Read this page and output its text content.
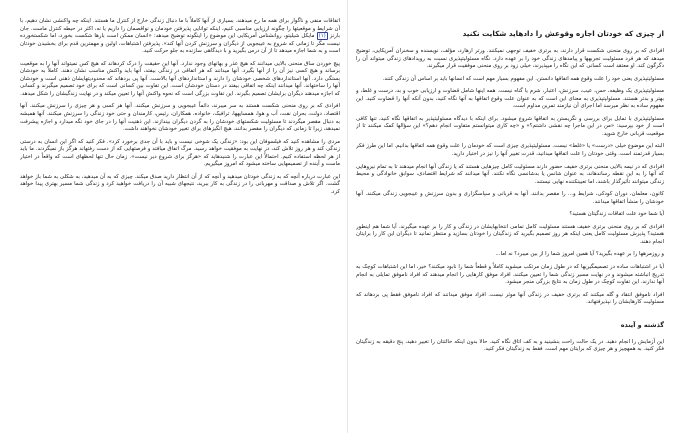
اتفاقات منفی و ناگوار برای همه ما رخ میدهند. بسیاری از آنها کاملاً با ما دنبال زندگی خارج از کنترل ما هستند. اینکه چه واکنشی نشان دهیم، با آن شرایط و موقعیتها را چگونه ارزیابی مناسبی کنیم، اینکه توانایی پذیرفتن خودمان و نواقصمان را داریم یا نه، اکثر در حیطه کنترل ماست. جان بارنز (۱) مایکل شیلیتو، روانشناس آمریکایی این موضوع را اینگونه توضیح میدهد: «انسان ممکن است بارها شکست بخورد، اما شکستخورده نیست مگر تا زمانی که شروع به عیبجویی از دیگران و سرزنش کردن آنها کند». پذیرفتن اشتباهات، اولین و مهمترین قدم برای بخشیدن خودتان است و به شما اجازه میدهد تا از آن درس بگیرید و با دیدگاهی سازنده به جلو حرکت کنید.

پیچ خوردن ساق منحنی بالایی میدانند که هیچ عذر و بهانهای وجود ندارد. آنها این حقیقت را درک کردهاند که هیچ کس نمیتواند آنها را به موقعیت برساند و هیچ کسی نیز آن را از آنها بگیرد. آنها میدانند که هر اتفاقی در زندگی بیفتد، آنها باید واکنش مناسب نشان دهند. کاملاً به خودشان بستگی دارد. آنها استانداردهای شخصی خودشان را دارند و استانداردهای آنها بالاست. آنها پی بردهاند که محدودیتهایشان ذهنی است و خودشان آنها را ساختهاند. آنها میدانند اینکه چه اتفاقی بیفتد در دستان خودشان است. این تفاوت بین کسانی است که برای خود تصمیم میگیرند و کسانی که اجازه میدهند دیگران برایشان تصمیم بگیرند. این تفاوت بزرگی است که نحوه واکنش آنها را تعیین میکند و در نهایت زندگیشان را شکل میدهد.

افرادی که بر روی منحنی شکست هستند به سر میبرند، دائماً عیبجویی و سرزنش میکنند. آنها هر کسی و هر چیزی را سرزنش میکنند. آنها اقتصاد، دولت، بحران نفت، آب و هوا، همسایهها، ترافیک، خانواده، همکاران، رئیس، کارمندان و حتی خود زندگی را سرزنش میکنند. آنها همیشه به دنبال مقصر میگردند تا مسئولیت شکستهای خودشان را به گردن دیگران بیندازند. این ذهنیت آنها را در جای خود نگه میدارد و اجازه پیشرفت نمیدهد، زیرا تا زمانی که دیگران را مقصر بدانند، هیچ انگیزهای برای تغییر خودشان نخواهند داشت.

مردی را مشاهده کنید که فیلسوفان این بود: «زندگی یک شوخی نیست و باید با آن جدی برخورد کرد». فکر کنید که اگر این انسان به درستی زندگی کند و هر روز تلاش کند، در نهایت به موفقیت خواهد رسید. مرگ اتفاق میافتد و فرصتهایی که از دست رفتهاند هرگز باز نمیگردند. ما باید از هر لحظه استفاده کنیم. احتمالاً این عبارت را شنیدهاید که «هرگز برای شروع دیر نیست». زمان حال تنها لحظهای است که واقعاً در اختیار ماست و آینده از تصمیمهایی ساخته میشود که امروز میگیریم.

این عبارت درباره آنچه که به زندگی خودتان میدهید و آنچه که از آن انتظار دارید صدق میکند. چیزی که به آن میدهید، به شکلی به شما باز خواهد گشت. اگر تلاش و صداقت و مهربانی را در زندگی به کار ببرید، نتیجهای شبیه آن را دریافت خواهید کرد و زندگی شما مسیر بهتری پیدا خواهد کرد.

از چیزی که خودتان اجازه وقوعش را دادهاید شکایت نکنید

افرادی که بر روی منحنی شکست قرار دارند، به برتری خفیف توجهی نمیکنند. ورتر ارهارد، مؤلف، نویسنده و سخنران آمریکایی، توضیح میدهد که هر فرد مسئولیت تجربهها و پیامدهای زندگی خود را بر عهده دارد. نگاه مسئولیتپذیری نسبت به رویدادهای زندگی میتواند آن را دگرگون کند. او معتقد است کسانی که این نگاه را میپذیرند، خیلی زود بر روی منحنی موفقیت قرار میگیرند.

مسئولیتپذیری یعنی خود را علت وقوع همه اتفاقها دانستن. این مفهوم بسیار مهم است که انسانها باید بر اساس آن زندگی کنند.

مسئولیتپذیری یک وظیفه، حس، عیب، سرزنش، اعتبار، شرم یا گناه نیست. همه اینها شامل قضاوت و ارزیابی خوب و بد، درست و غلط، و بهتر و بدتر هستند. مسئولیتپذیری به معنای این است که به عنوان علت وقوع اتفاقها به آنها نگاه کنید، بدون آنکه آنها را قضاوت کنید. این مفهوم ساده به نظر میرسد اما اجرای آن نیازمند تمرین مداوم است.

مسئولیتپذیری با تمایل برای بررسی و نگریستن به اتفاقها شروع میشود. برای اینکه با دیدگاه مسئولیتپذیر به اتفاقها نگاه کنید، تنها کافی است از خود بپرسید: «من در این ماجرا چه نقشی داشتم؟» و «چه کاری میتوانستم متفاوت انجام دهم؟» این سؤالها کمک میکنند تا از موقعیت قربانی خارج شوید.

البته این موضوع خیلی «درست» یا «غلط» نیست. مسئولیتپذیری چیزی است که خودمان را علت وقوع همه اتفاقها بدانیم. اما این طرز فکر بسیار قدرتمند است. وقتی خودتان را علت اتفاقها میدانید، قدرت تغییر آنها را نیز در اختیار دارید.

افرادی که در نیمه بالایی منحنی برتری خفیف حضور دارند مسئولیت کامل چیزهایی هستند که یا زندگی آنها انجام میدهند تا به تمام نیروهایی که آنها را به این نقطه رساندهاند، به عنوان شانس یا بدشانسی نگاه نکنند. آنها میدانند که شرایط اقتصادی، سوابق خانوادگی و محیط زندگی میتوانند تأثیرگذار باشند، اما تعیینکننده نهایی نیستند.

کانون، معلمان، دوران کودکی، شرایط و... را مقصر بدانند. آنها به قربانی و سپاسگزاری و بدون سرزنش و عیبجویی زندگی میکنند. آنها خودشان را منشأ اتفاقها میدانند.

آیا شما خود علت اتفاقات زندگیتان هستید؟

افرادی که بر روی منحنی برتری خفیف هستند مسئولیت کامل تمامی انتخابهایشان در زندگی و کار را بر عهده میگیرند. آیا شما هم اینطور هستید؟ پذیرش مسئولیت کامل یعنی اینکه هر روز تصمیم بگیرید که زندگیتان را خودتان بسازید و منتظر نمانید تا دیگران این کار را برایتان انجام دهند.

و روزمرهها را بر عهده بگیرید؟ آیا همین امروز شما را از بین میبرد؟ نه اما...

آیا در اشتباهات ساده در تصمیمگیریها که در طول زمان مرتکب میشوید کاملاً و قطعاً شما را نابود میکنند؟ خیر، اما این اشتباهات کوچک به تدریج انباشته میشوند و در نهایت مسیر زندگی شما را تعیین میکنند. افراد موفق کارهایی را انجام میدهند که افراد ناموفق تمایلی به انجام آنها ندارند. این تفاوت کوچک در طول زمان به نتایج بزرگی منجر میشود.

افراد ناموفق انتقاد و گله میکنند که برتری خفیف در زندگی آنها موثر نیست. افراد موفق میدانند که افراد ناموفق فقط پی بردهاند که مسئولیت کارهایشان را نپذیرفتهاند.

گذشته و آینده

این آزمایش را انجام دهید. در یک حالت راحت بنشینید و به کف اتاق نگاه کنید. حالا بدون اینکه حالتتان را تغییر دهید، پنج دقیقه به زندگیتان فکر کنید. به همهچیز و هر چیزی که برایتان مهم است. فقط به زندگیتان فکر کنید.
